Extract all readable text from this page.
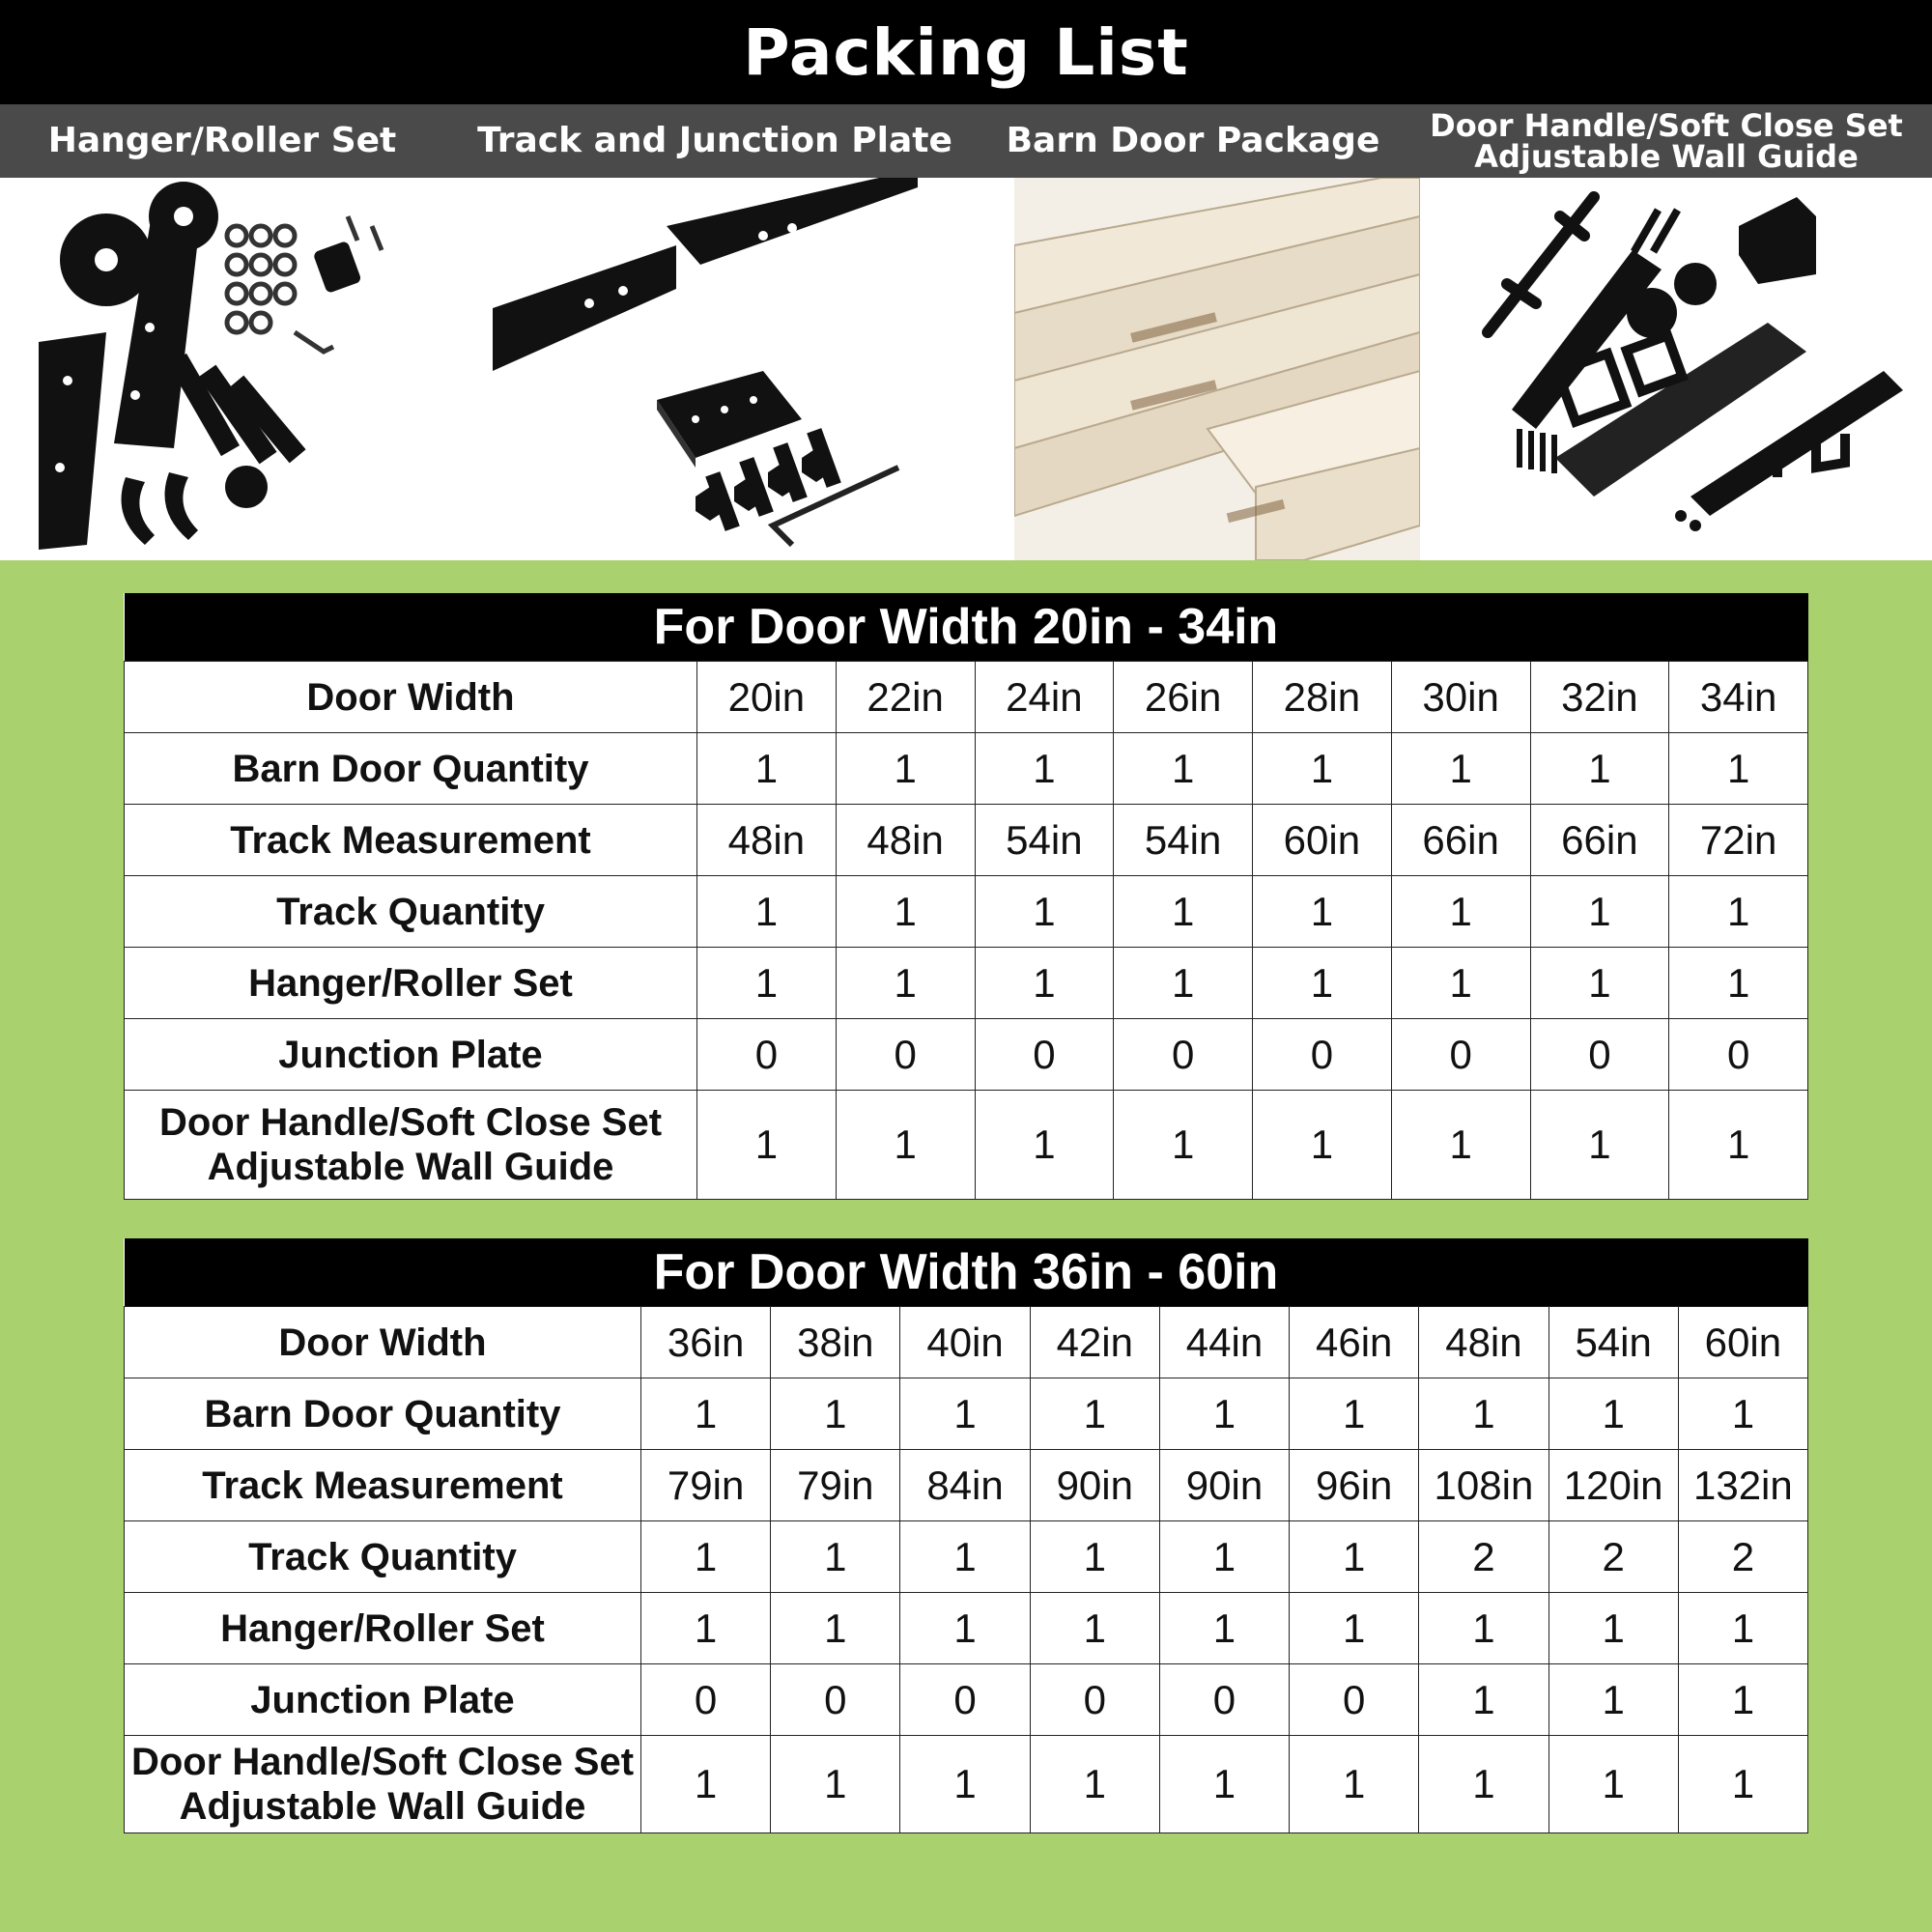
Packing List
Hanger/Roller Set	Track and Junction Plate	Barn Door Package	Door Handle/Soft Close Set
Adjustable Wall Guide
For Door Width 20in - 34in								
Door Width	20in	22in	24in	26in	28in	30in	32in	34in
Barn Door Quantity	1	1	1	1	1	1	1	1
Track Measurement	48in	48in	54in	54in	60in	66in	66in	72in
Track Quantity	1	1	1	1	1	1	1	1
Hanger/Roller Set	1	1	1	1	1	1	1	1
Junction Plate	0	0	0	0	0	0	0	0
Door Handle/Soft Close Set
Adjustable Wall Guide	1	1	1	1	1	1	1	1
For Door Width 36in - 60in									
Door Width	36in	38in	40in	42in	44in	46in	48in	54in	60in
Barn Door Quantity	1	1	1	1	1	1	1	1	1
Track Measurement	79in	79in	84in	90in	90in	96in	108in	120in	132in
Track Quantity	1	1	1	1	1	1	2	2	2
Hanger/Roller Set	1	1	1	1	1	1	1	1	1
Junction Plate	0	0	0	0	0	0	1	1	1
Door Handle/Soft Close Set
Adjustable Wall Guide	1	1	1	1	1	1	1	1	1
